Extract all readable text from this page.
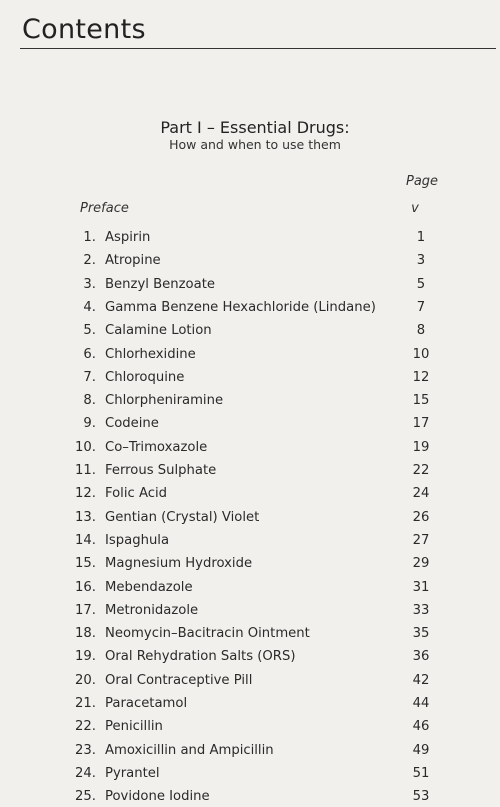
Contents
Part I – Essential Drugs:
How and when to use them
Page
Preface	v
1. Aspirin	1
2. Atropine	3
3. Benzyl Benzoate	5
4. Gamma Benzene Hexachloride (Lindane)	7
5. Calamine Lotion	8
6. Chlorhexidine	10
7. Chloroquine	12
8. Chlorpheniramine	15
9. Codeine	17
10. Co–Trimoxazole	19
11. Ferrous Sulphate	22
12. Folic Acid	24
13. Gentian (Crystal) Violet	26
14. Ispaghula	27
15. Magnesium Hydroxide	29
16. Mebendazole	31
17. Metronidazole	33
18. Neomycin–Bacitracin Ointment	35
19. Oral Rehydration Salts (ORS)	36
20. Oral Contraceptive Pill	42
21. Paracetamol	44
22. Penicillin	46
23. Amoxicillin and Ampicillin	49
24. Pyrantel	51
25. Povidone Iodine	53
